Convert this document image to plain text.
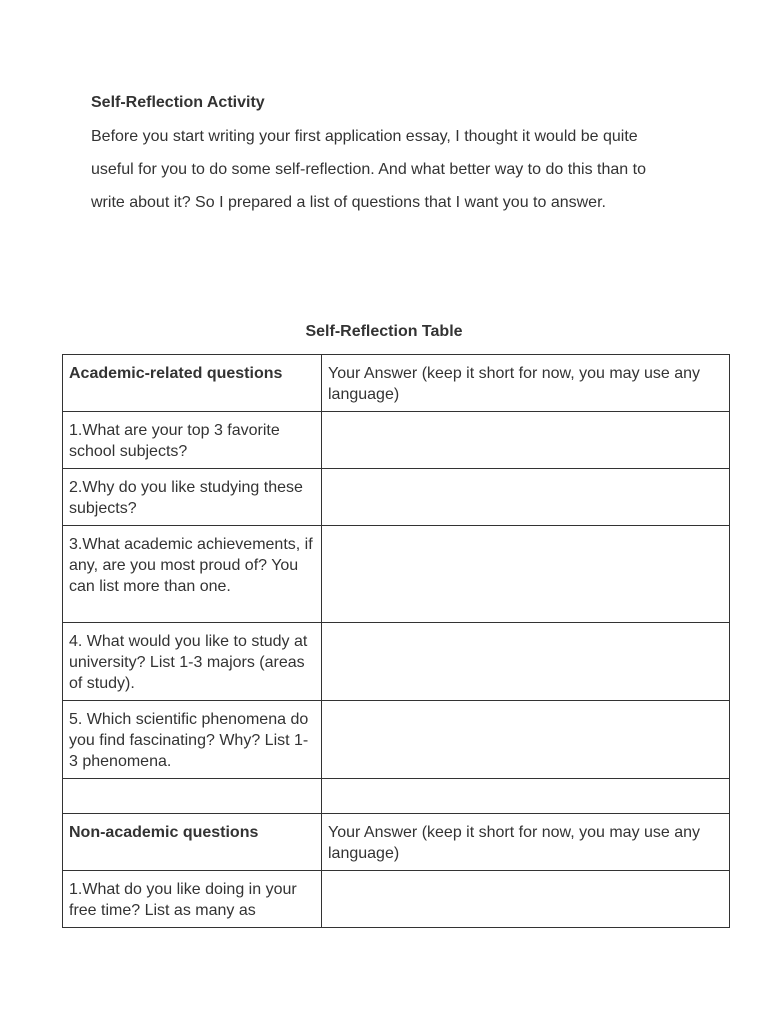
Self-Reflection Activity

Before you start writing your first application essay, I thought it would be quite useful for you to do some self-reflection. And what better way to do this than to write about it? So I prepared a list of questions that I want you to answer.

Self-Reflection Table
Academic-related questions	Your Answer (keep it short for now, you may use any language)
1.What are your top 3 favorite school subjects?	
2.Why do you like studying these subjects?	
3.What academic achievements, if any, are you most proud of? You can list more than one.	
4. What would you like to study at university? List 1-3 majors (areas of study).	
5. Which scientific phenomena do you find fascinating? Why? List 1-3 phenomena.	

Non-academic questions	Your Answer (keep it short for now, you may use any language)
1.What do you like doing in your free time? List as many as	
